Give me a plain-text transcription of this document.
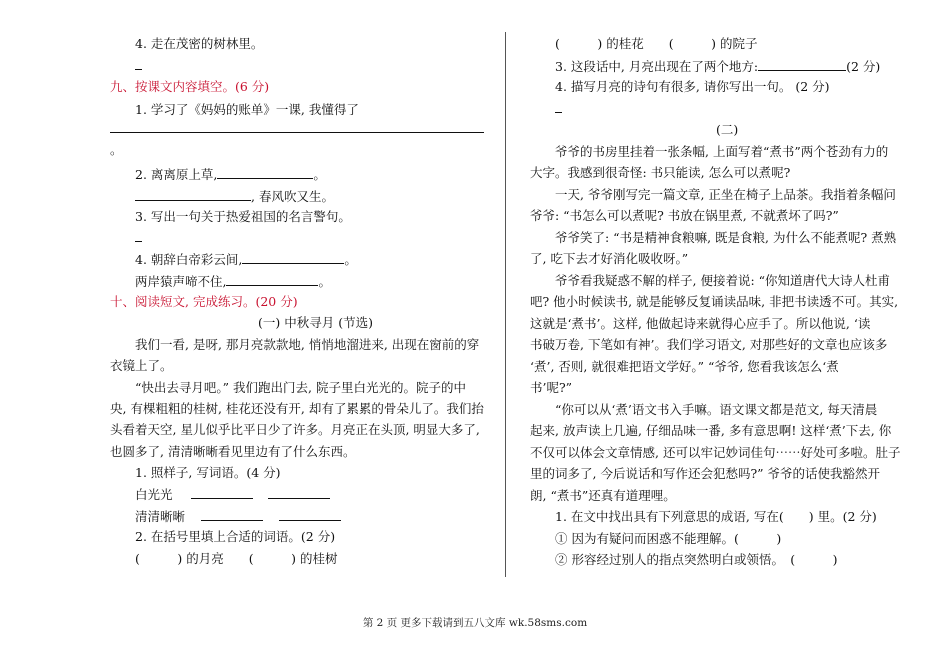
4. 走在茂密的树林里。
九、按课文内容填空。(6 分)
1. 学习了《妈妈的账单》一课, 我懂得了
。
2. 离离原上草,	。
, 春风吹又生。
3. 写出一句关于热爱祖国的名言警句。
4. 朝辞白帝彩云间,	。
两岸猿声啼不住,	。
十、阅读短文, 完成练习。(20 分)
(一) 中秋寻月 (节选)
我们一看, 是呀, 那月亮款款地, 悄悄地溜进来, 出现在窗前的穿
衣镜上了。
“快出去寻月吧。” 我们跑出门去, 院子里白光光的。院子的中
央, 有棵粗粗的桂树, 桂花还没有开, 却有了累累的骨朵儿了。我们抬
头看着天空, 星儿似乎比平日少了许多。月亮正在头顶, 明显大多了,
也圆多了, 清清晰晰看见里边有了什么东西。
1. 照样子, 写词语。(4 分)
白光光
清清晰晰
2. 在括号里填上合适的词语。(2 分)
(　　　) 的月亮　　(　　　) 的桂树
(　　　) 的桂花　　(　　　) 的院子
3. 这段话中, 月亮出现在了两个地方:	(2 分)
4. 描写月亮的诗句有很多, 请你写出一句。 (2 分)
(二)
爷爷的书房里挂着一张条幅, 上面写着“煮书”两个苍劲有力的
大字。我感到很奇怪: 书只能读, 怎么可以煮呢?
一天, 爷爷刚写完一篇文章, 正坐在椅子上品茶。我指着条幅问
爷爷: “书怎么可以煮呢? 书放在锅里煮, 不就煮坏了吗?”
爷爷笑了: “书是精神食粮嘛, 既是食粮, 为什么不能煮呢? 煮熟
了, 吃下去才好消化吸收呀。”
爷爷看我疑惑不解的样子, 便接着说: “你知道唐代大诗人杜甫
吧? 他小时候读书, 就是能够反复诵读品味, 非把书读透不可。其实,
这就是‘煮书’。这样, 他做起诗来就得心应手了。所以他说, ‘读
书破万卷, 下笔如有神’。我们学习语文, 对那些好的文章也应该多
‘煮’, 否则, 就很难把语文学好。” “爷爷, 您看我该怎么‘煮
书’呢?”
“你可以从‘煮’语文书入手嘛。语文课文都是范文, 每天清晨
起来, 放声读上几遍, 仔细品味一番, 多有意思啊! 这样‘煮’下去, 你
不仅可以体会文章情感, 还可以牢记妙词佳句⋯⋯好处可多啦。肚子
里的词多了, 今后说话和写作还会犯愁吗?” 爷爷的话使我豁然开
朗, “煮书”还真有道理哩。
1. 在文中找出具有下列意思的成语, 写在(　　) 里。(2 分)
① 因为有疑问而困惑不能理解。(　　　)
② 形容经过别人的指点突然明白或领悟。　(　　　)
第 2 页 更多下载请到五八文库 wk.58sms.com
